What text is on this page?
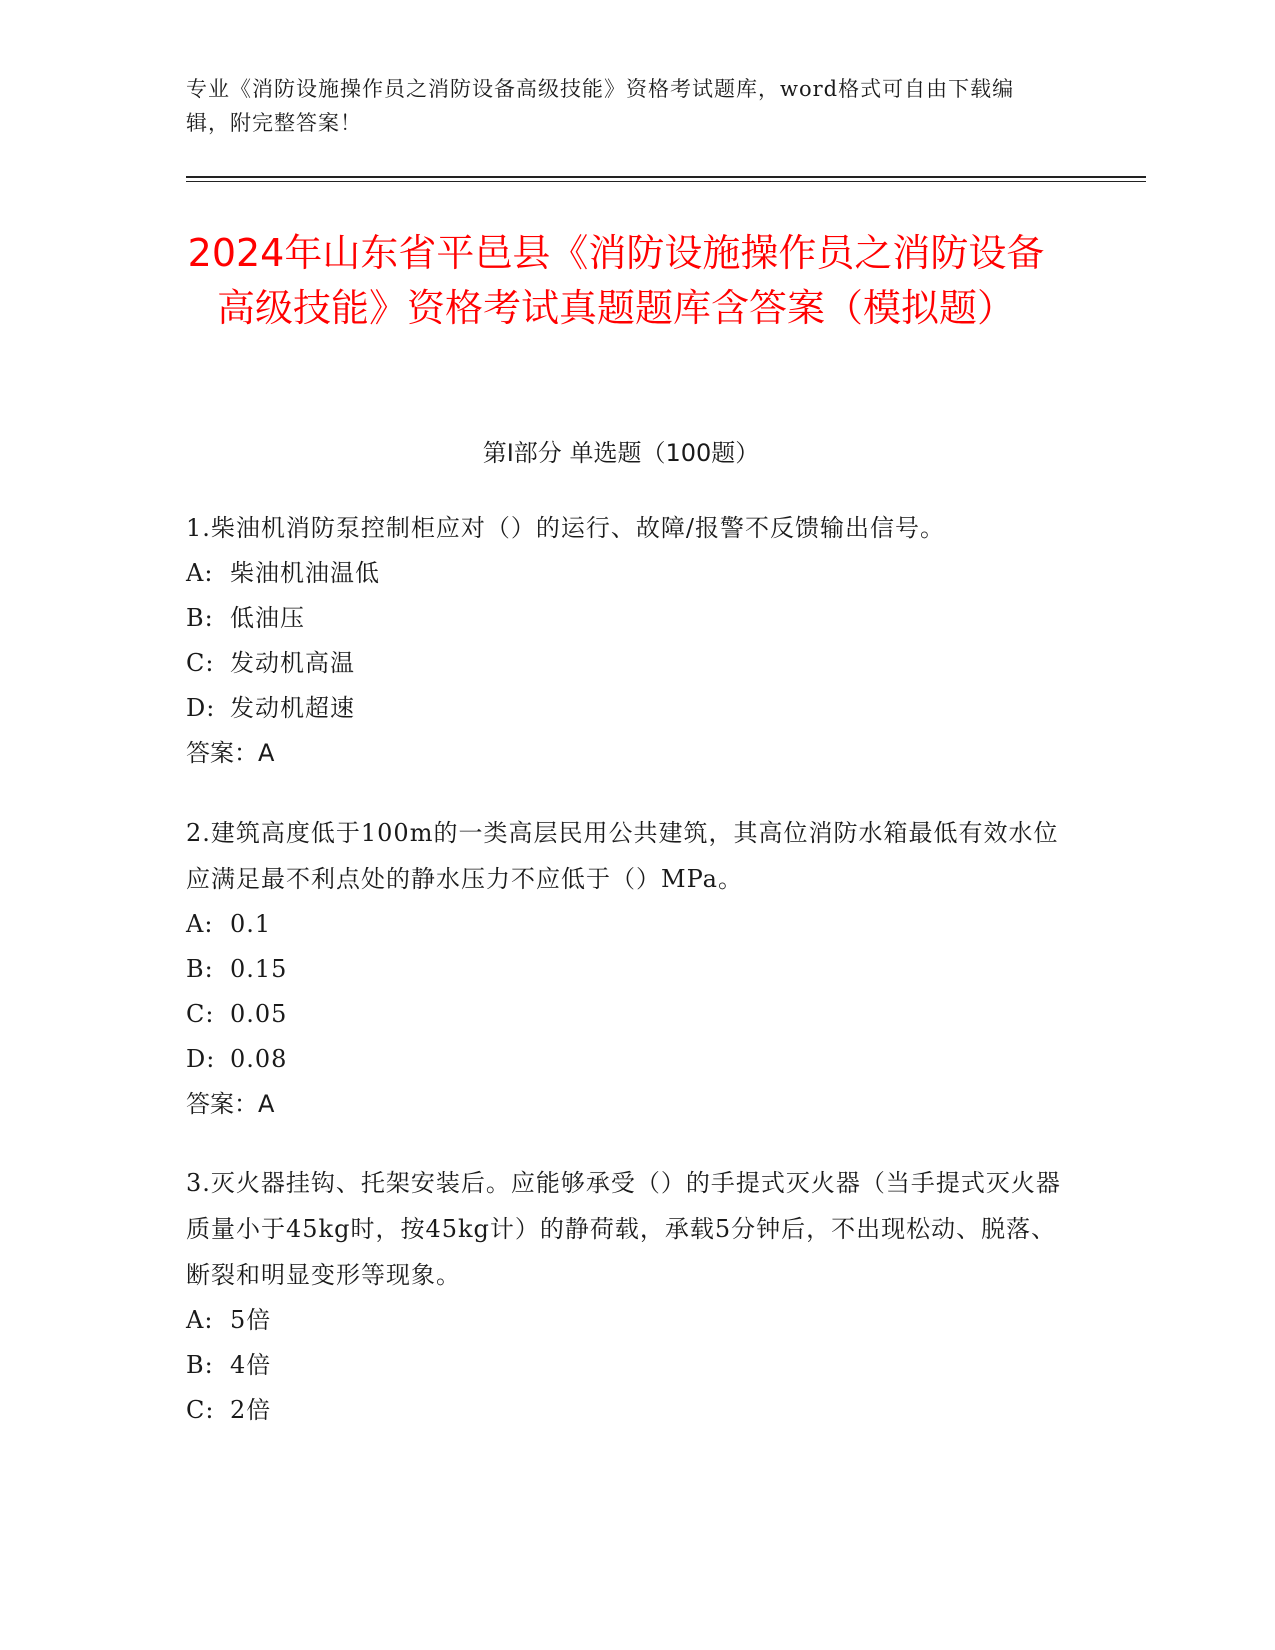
专业《消防设施操作员之消防设备高级技能》资格考试题库，word格式可自由下载编辑，附完整答案！
2024年山东省平邑县《消防设施操作员之消防设备高级技能》资格考试真题题库含答案（模拟题）
第I部分 单选题（100题）
1.柴油机消防泵控制柜应对（）的运行、故障/报警不反馈输出信号。
A: 柴油机油温低
B: 低油压
C: 发动机高温
D: 发动机超速
答案：A
2.建筑高度低于100m的一类高层民用公共建筑，其高位消防水箱最低有效水位应满足最不利点处的静水压力不应低于（）MPa。
A: 0.1
B: 0.15
C: 0.05
D: 0.08
答案：A
3.灭火器挂钩、托架安装后。应能够承受（）的手提式灭火器（当手提式灭火器质量小于45kg时，按45kg计）的静荷载，承载5分钟后，不出现松动、脱落、断裂和明显变形等现象。
A: 5倍
B: 4倍
C: 2倍
